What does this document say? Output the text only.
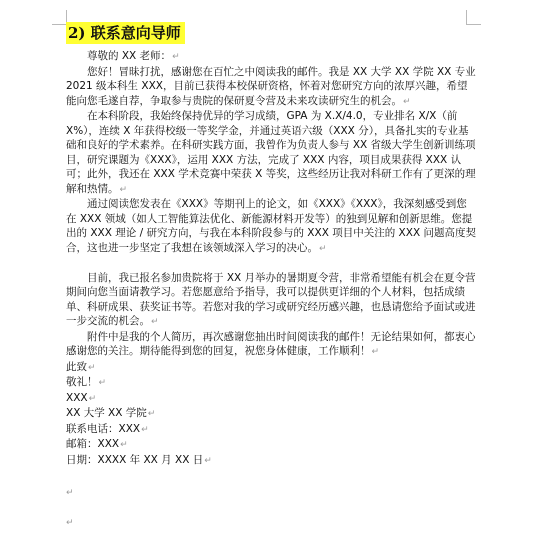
2) 联系意向导师

尊敬的 XX 老师：↵

您好！冒昧打扰，感谢您在百忙之中阅读我的邮件。我是 XX 大学 XX 学院 XX 专业 2021 级本科生 XXX，目前已获得本校保研资格，怀着对您研究方向的浓厚兴趣，希望能向您毛遂自荐，争取参与贵院的保研夏令营及未来攻读研究生的机会。↵

在本科阶段，我始终保持优异的学习成绩，GPA 为 X.X/4.0，专业排名 X/X（前 X%），连续 X 年获得校级一等奖学金，并通过英语六级（XXX 分），具备扎实的专业基础和良好的学术素养。在科研实践方面，我曾作为负责人参与 XX 省级大学生创新训练项目，研究课题为《XXX》，运用 XXX 方法，完成了 XXX 内容，项目成果获得 XXX 认可；此外，我还在 XXX 学术竞赛中荣获 X 等奖，这些经历让我对科研工作有了更深的理解和热情。↵

通过阅读您发表在《XXX》等期刊上的论文，如《XXX》《XXX》，我深刻感受到您在 XXX 领域（如人工智能算法优化、新能源材料开发等）的独到见解和创新思维。您提出的 XXX 理论 / 研究方向，与我在本科阶段参与的 XXX 项目中关注的 XXX 问题高度契合，这也进一步坚定了我想在该领域深入学习的决心。↵

目前，我已报名参加贵院将于 XX 月举办的暑期夏令营，非常希望能有机会在夏令营期间向您当面请教学习。若您愿意给予指导，我可以提供更详细的个人材料，包括成绩单、科研成果、获奖证书等。若您对我的学习或研究经历感兴趣，也恳请您给予面试或进一步交流的机会。↵

附件中是我的个人简历，再次感谢您抽出时间阅读我的邮件！无论结果如何，都衷心感谢您的关注。期待能得到您的回复，祝您身体健康，工作顺利！↵

此致↵

敬礼！↵

XXX↵

XX 大学 XX 学院↵

联系电话：XXX↵

邮箱：XXX↵

日期：XXXX 年 XX 月 XX 日↵

↵
↵
